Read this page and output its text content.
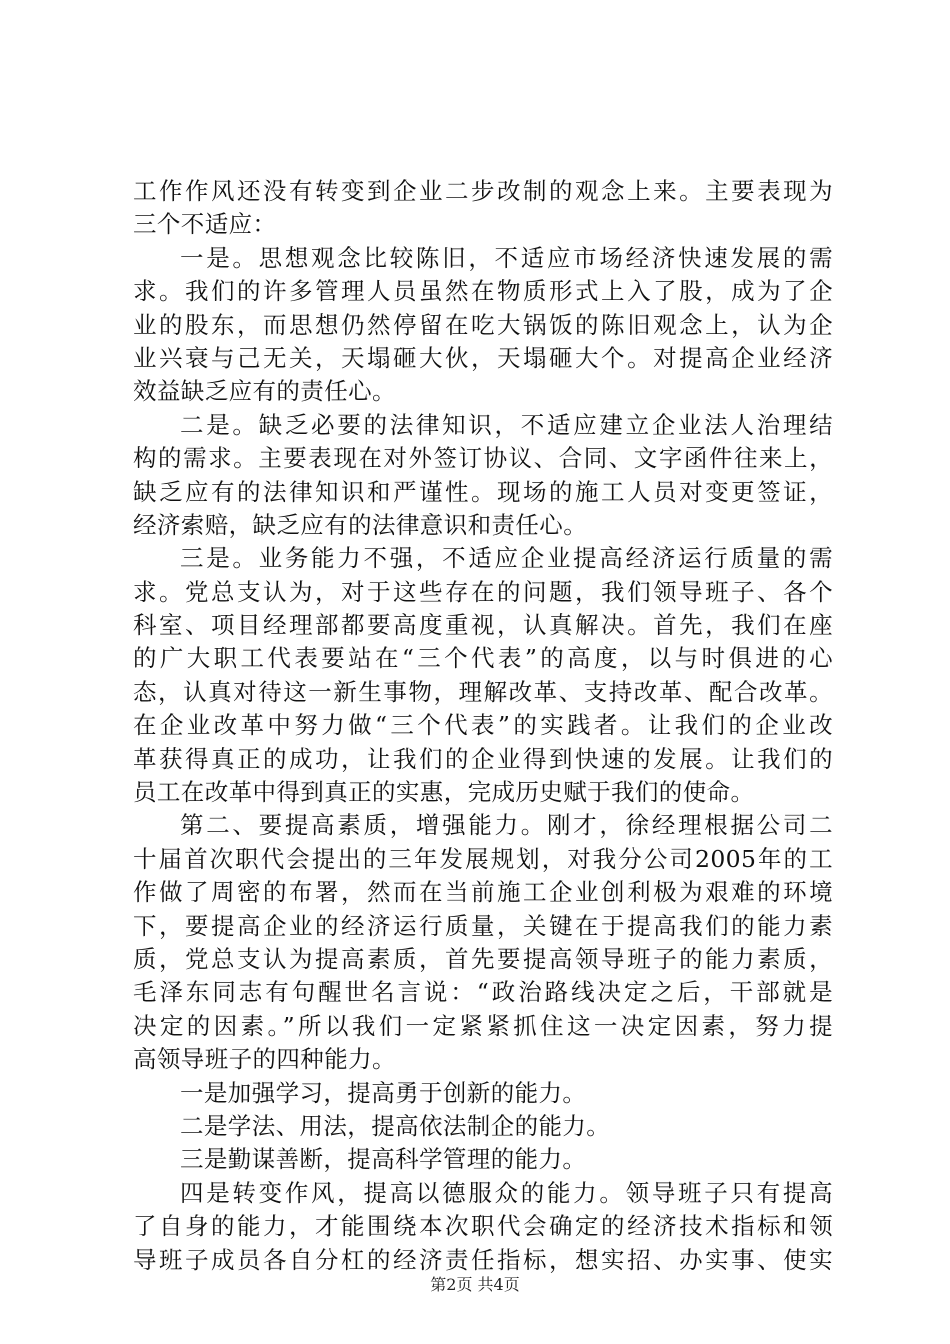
工作作风还没有转变到企业二步改制的观念上来。主要表现为
三个不适应：
一是。思想观念比较陈旧，不适应市场经济快速发展的需
求。我们的许多管理人员虽然在物质形式上入了股，成为了企
业的股东，而思想仍然停留在吃大锅饭的陈旧观念上，认为企
业兴衰与己无关，天塌砸大伙，天塌砸大个。对提高企业经济
效益缺乏应有的责任心。
二是。缺乏必要的法律知识，不适应建立企业法人治理结
构的需求。主要表现在对外签订协议、合同、文字函件往来上，
缺乏应有的法律知识和严谨性。现场的施工人员对变更签证，
经济索赔，缺乏应有的法律意识和责任心。
三是。业务能力不强，不适应企业提高经济运行质量的需
求。党总支认为，对于这些存在的问题，我们领导班子、各个
科室、项目经理部都要高度重视，认真解决。首先，我们在座
的广大职工代表要站在“三个代表”的高度，以与时俱进的心
态，认真对待这一新生事物，理解改革、支持改革、配合改革。
在企业改革中努力做“三个代表”的实践者。让我们的企业改
革获得真正的成功，让我们的企业得到快速的发展。让我们的
员工在改革中得到真正的实惠，完成历史赋于我们的使命。
第二、要提高素质，增强能力。刚才，徐经理根据公司二
十届首次职代会提出的三年发展规划，对我分公司2005年的工
作做了周密的布署，然而在当前施工企业创利极为艰难的环境
下，要提高企业的经济运行质量，关键在于提高我们的能力素
质，党总支认为提高素质，首先要提高领导班子的能力素质，
毛泽东同志有句醒世名言说：“政治路线决定之后，干部就是
决定的因素。”所以我们一定紧紧抓住这一决定因素，努力提
高领导班子的四种能力。
一是加强学习，提高勇于创新的能力。
二是学法、用法，提高依法制企的能力。
三是勤谋善断，提高科学管理的能力。
四是转变作风，提高以德服众的能力。领导班子只有提高
了自身的能力，才能围绕本次职代会确定的经济技术指标和领
导班子成员各自分杠的经济责任指标，想实招、办实事、使实
第2页 共4页
